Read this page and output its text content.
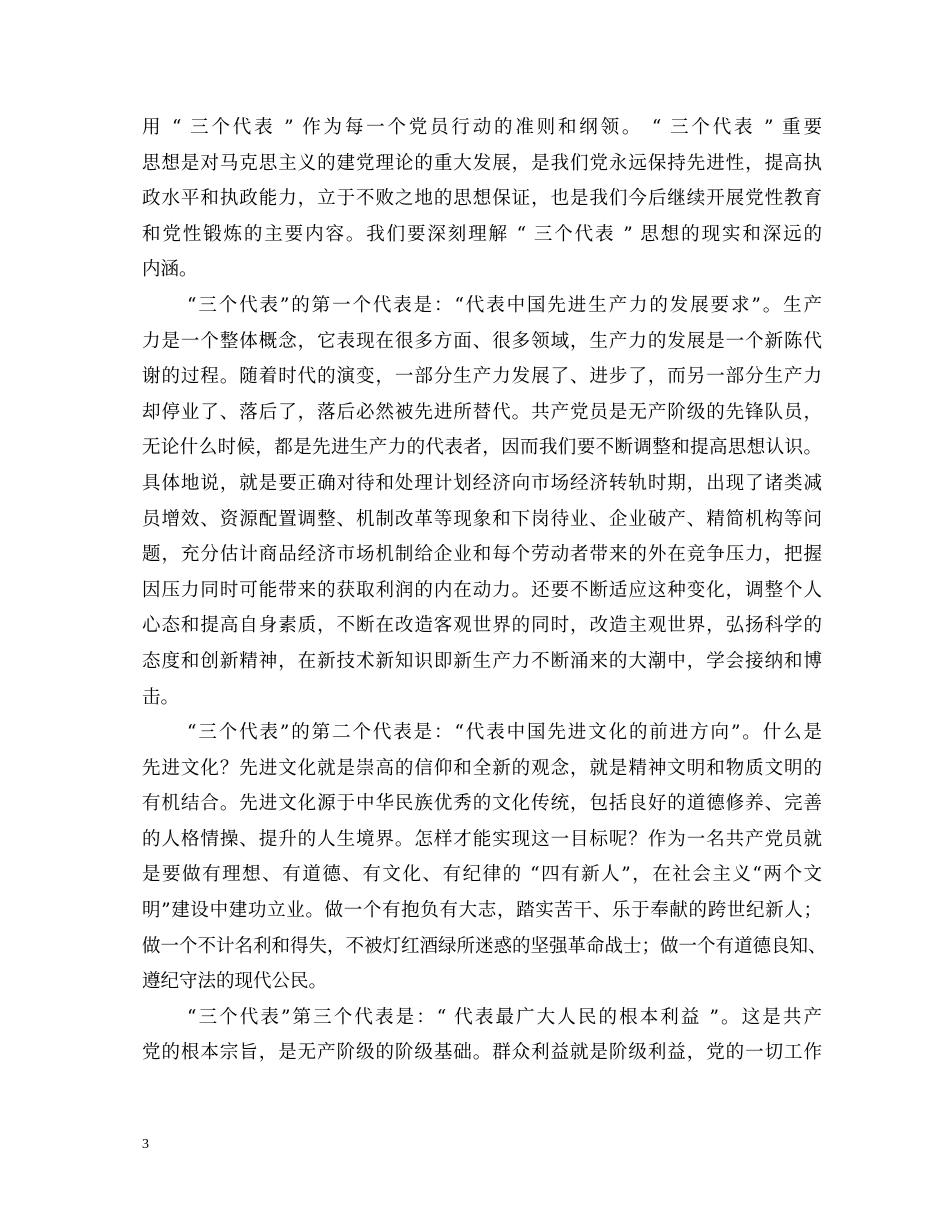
用 “ 三个代表 ” 作为每一个党员行动的准则和纲领。 “ 三个代表 ” 重要
思想是对马克思主义的建党理论的重大发展，是我们党永远保持先进性，提高执
政水平和执政能力，立于不败之地的思想保证，也是我们今后继续开展党性教育
和党性锻炼的主要内容。我们要深刻理解 “ 三个代表 ” 思想的现实和深远的
内涵。
“三个代表”的第一个代表是：“代表中国先进生产力的发展要求”。生产
力是一个整体概念，它表现在很多方面、很多领域，生产力的发展是一个新陈代
谢的过程。随着时代的演变，一部分生产力发展了、进步了，而另一部分生产力
却停业了、落后了，落后必然被先进所替代。共产党员是无产阶级的先锋队员，
无论什么时候，都是先进生产力的代表者，因而我们要不断调整和提高思想认识。
具体地说，就是要正确对待和处理计划经济向市场经济转轨时期，出现了诸类减
员增效、资源配置调整、机制改革等现象和下岗待业、企业破产、精简机构等问
题，充分估计商品经济市场机制给企业和每个劳动者带来的外在竞争压力，把握
因压力同时可能带来的获取利润的内在动力。还要不断适应这种变化，调整个人
心态和提高自身素质，不断在改造客观世界的同时，改造主观世界，弘扬科学的
态度和创新精神，在新技术新知识即新生产力不断涌来的大潮中，学会接纳和博
击。
“三个代表”的第二个代表是：“代表中国先进文化的前进方向”。什么是
先进文化？先进文化就是崇高的信仰和全新的观念，就是精神文明和物质文明的
有机结合。先进文化源于中华民族优秀的文化传统，包括良好的道德修养、完善
的人格情操、提升的人生境界。怎样才能实现这一目标呢？作为一名共产党员就
是要做有理想、有道德、有文化、有纪律的 “四有新人”，在社会主义“两个文
明”建设中建功立业。做一个有抱负有大志，踏实苦干、乐于奉献的跨世纪新人；
做一个不计名利和得失，不被灯红酒绿所迷惑的坚强革命战士；做一个有道德良知、
遵纪守法的现代公民。
“三个代表”第三个代表是：“ 代表最广大人民的根本利益 ”。这是共产
党的根本宗旨，是无产阶级的阶级基础。群众利益就是阶级利益，党的一切工作
3
